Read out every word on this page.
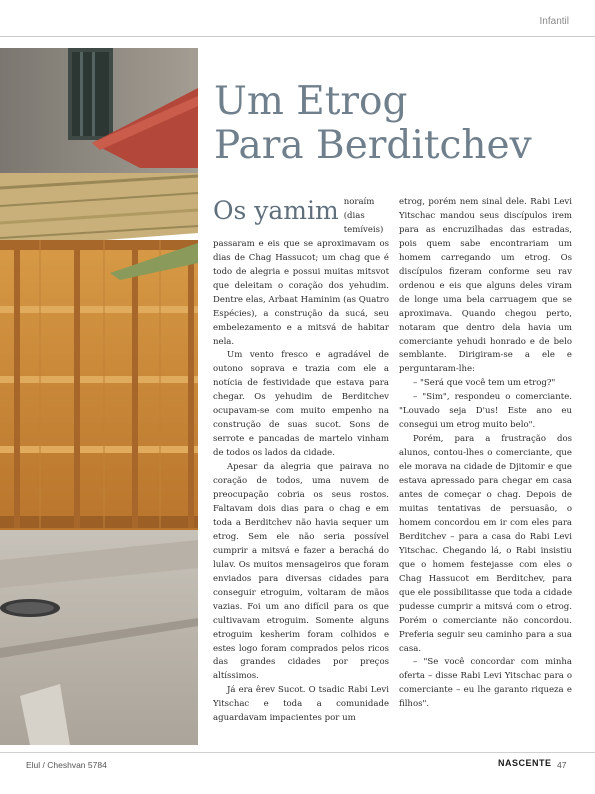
Infantil
Um Etrog
Para Berditchev

Os yamim noraím (dias temíveis) passaram e eis que se aproximavam os dias de Chag Hassucot; um chag que é todo de alegria e possui muitas mitsvot que deleitam o coração dos yehudim. Dentre elas, Arbaat Haminim (as Quatro Espécies), a construção da sucá, seu embelezamento e a mitsvá de habitar nela.

Um vento fresco e agradável de outono soprava e trazia com ele a notícia de festividade que estava para chegar. Os yehudim de Berditchev ocupavam-se com muito empenho na construção de suas sucot. Sons de serrote e pancadas de martelo vinham de todos os lados da cidade.

Apesar da alegria que pairava no coração de todos, uma nuvem de preocupação cobria os seus rostos. Faltavam dois dias para o chag e em toda a Berditchev não havia sequer um etrog. Sem ele não seria possível cumprir a mitsvá e fazer a berachá do lulav. Os muitos mensageiros que foram enviados para diversas cidades para conseguir etroguim, voltaram de mãos vazias. Foi um ano difícil para os que cultivavam etroguim. Somente alguns etroguim kesherim foram colhidos e estes logo foram comprados pelos ricos das grandes cidades por preços altíssimos.

Já era êrev Sucot. O tsadic Rabi Levi Yitschac e toda a comunidade aguardavam impacientes por um

etrog, porém nem sinal dele. Rabi Levi Yitschac mandou seus discípulos irem para as encruzilhadas das estradas, pois quem sabe encontrariam um homem carregando um etrog. Os discípulos fizeram conforme seu rav ordenou e eis que alguns deles viram de longe uma bela carruagem que se aproximava. Quando chegou perto, notaram que dentro dela havia um comerciante yehudi honrado e de belo semblante. Dirigiram-se a ele e perguntaram-lhe:

– "Será que você tem um etrog?"

– "Sim", respondeu o comerciante. "Louvado seja D'us! Este ano eu consegui um etrog muito belo".

Porém, para a frustração dos alunos, contou-lhes o comerciante, que ele morava na cidade de Djitomir e que estava apressado para chegar em casa antes de começar o chag. Depois de muitas tentativas de persuasão, o homem concordou em ir com eles para Berditchev – para a casa do Rabi Levi Yitschac. Chegando lá, o Rabi insistiu que o homem festejasse com eles o Chag Hassucot em Berditchev, para que ele possibilitasse que toda a cidade pudesse cumprir a mitsvá com o etrog. Porém o comerciante não concordou. Preferia seguir seu caminho para a sua casa.

– "Se você concordar com minha oferta – disse Rabi Levi Yitschac para o comerciante – eu lhe garanto riqueza e filhos".

Elul / Cheshvan 5784	NASCENTE 47
